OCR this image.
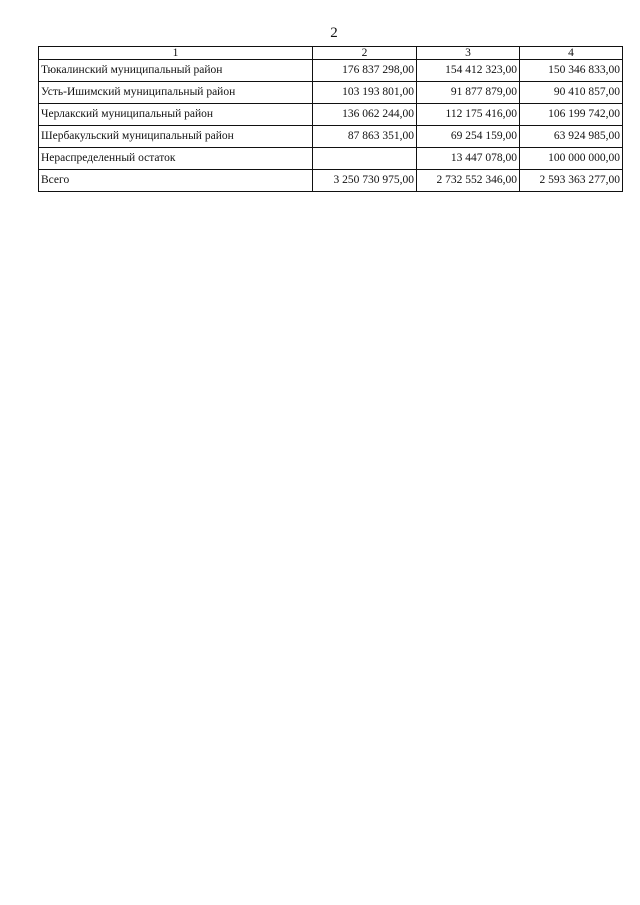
2
1	2	3	4
Тюкалинский муниципальный район	176 837 298,00	154 412 323,00	150 346 833,00
Усть-Ишимский муниципальный район	103 193 801,00	91 877 879,00	90 410 857,00
Черлакский муниципальный район	136 062 244,00	112 175 416,00	106 199 742,00
Шербакульский муниципальный район	87 863 351,00	69 254 159,00	63 924 985,00
Нераспределенный остаток		13 447 078,00	100 000 000,00
Всего	3 250 730 975,00	2 732 552 346,00	2 593 363 277,00
